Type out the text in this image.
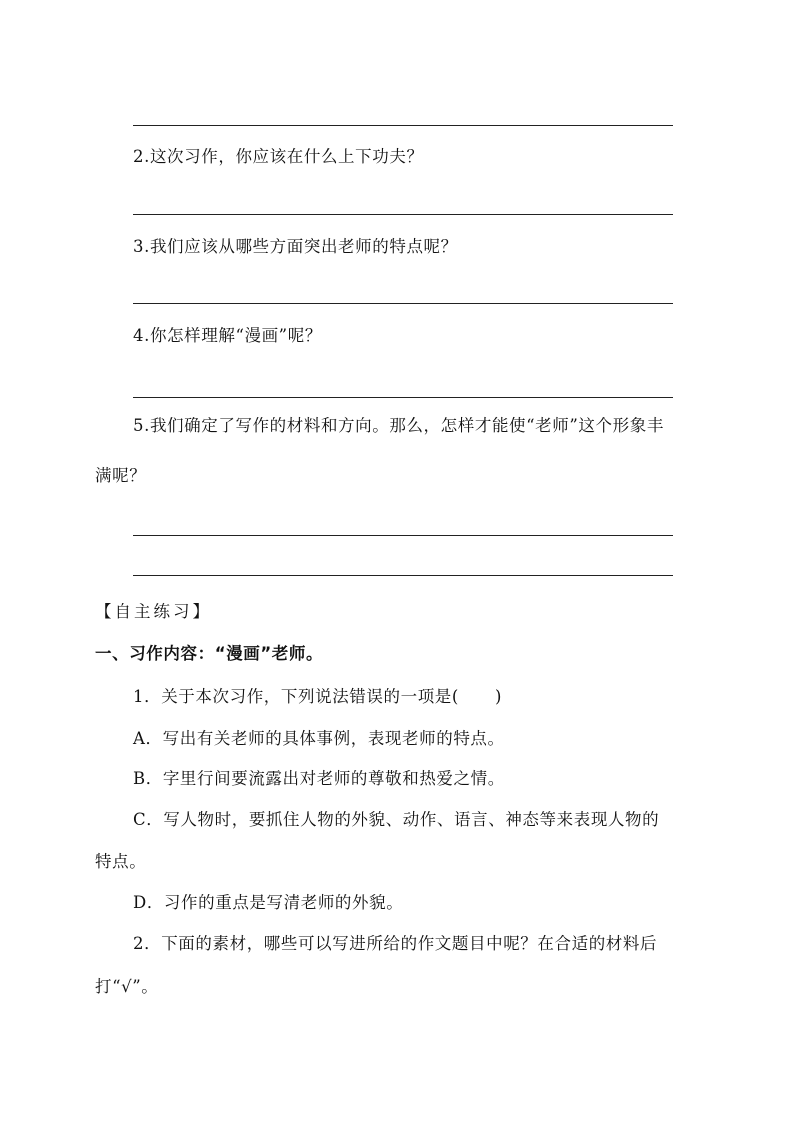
2.这次习作，你应该在什么上下功夫？
3.我们应该从哪些方面突出老师的特点呢？
4.你怎样理解“漫画”呢？
5.我们确定了写作的材料和方向。那么，怎样才能使“老师”这个形象丰
满呢？
【自主练习】
一、习作内容：“漫画”老师。
1．关于本次习作，下列说法错误的一项是( )
A．写出有关老师的具体事例，表现老师的特点。
B．字里行间要流露出对老师的尊敬和热爱之情。
C．写人物时，要抓住人物的外貌、动作、语言、神态等来表现人物的
特点。
D．习作的重点是写清老师的外貌。
2．下面的素材，哪些可以写进所给的作文题目中呢？在合适的材料后
打“√”。
